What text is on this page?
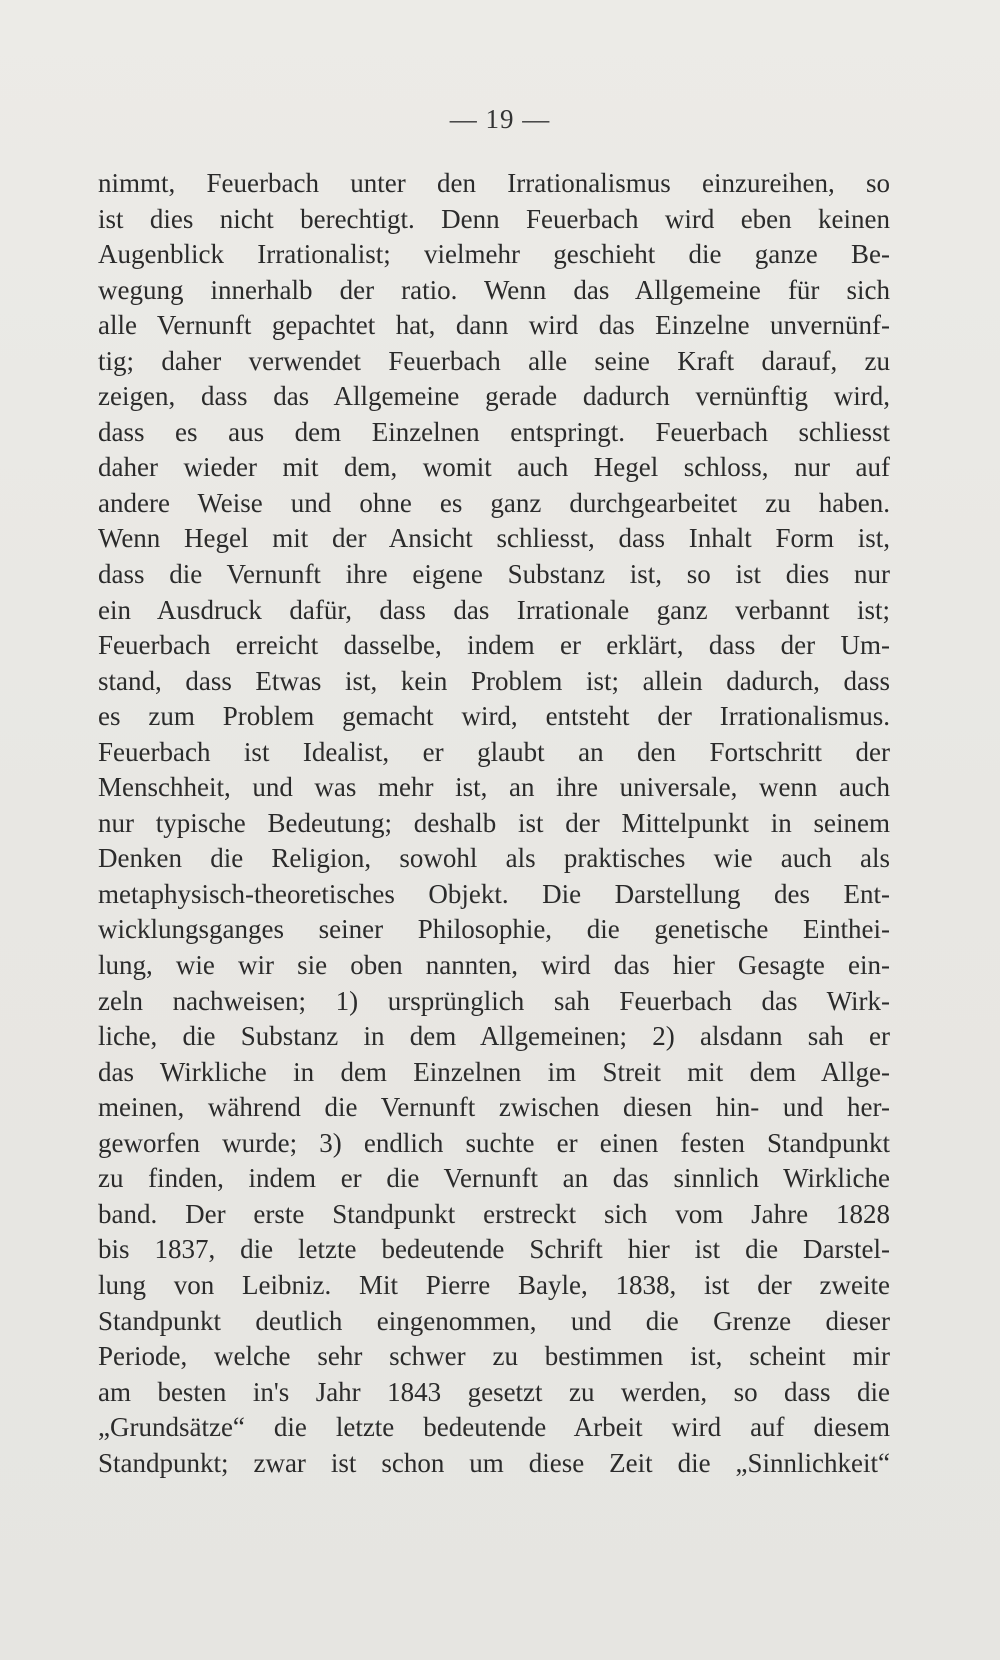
— 19 —
nimmt, Feuerbach unter den Irrationalismus einzureihen, so
ist dies nicht berechtigt. Denn Feuerbach wird eben keinen
Augenblick Irrationalist; vielmehr geschieht die ganze Be-
wegung innerhalb der ratio. Wenn das Allgemeine für sich
alle Vernunft gepachtet hat, dann wird das Einzelne unvernünf-
tig; daher verwendet Feuerbach alle seine Kraft darauf, zu
zeigen, dass das Allgemeine gerade dadurch vernünftig wird,
dass es aus dem Einzelnen entspringt. Feuerbach schliesst
daher wieder mit dem, womit auch Hegel schloss, nur auf
andere Weise und ohne es ganz durchgearbeitet zu haben.
Wenn Hegel mit der Ansicht schliesst, dass Inhalt Form ist,
dass die Vernunft ihre eigene Substanz ist, so ist dies nur
ein Ausdruck dafür, dass das Irrationale ganz verbannt ist;
Feuerbach erreicht dasselbe, indem er erklärt, dass der Um-
stand, dass Etwas ist, kein Problem ist; allein dadurch, dass
es zum Problem gemacht wird, entsteht der Irrationalismus.
Feuerbach ist Idealist, er glaubt an den Fortschritt der
Menschheit, und was mehr ist, an ihre universale, wenn auch
nur typische Bedeutung; deshalb ist der Mittelpunkt in seinem
Denken die Religion, sowohl als praktisches wie auch als
metaphysisch-theoretisches Objekt. Die Darstellung des Ent-
wicklungsganges seiner Philosophie, die genetische Einthei-
lung, wie wir sie oben nannten, wird das hier Gesagte ein-
zeln nachweisen; 1) ursprünglich sah Feuerbach das Wirk-
liche, die Substanz in dem Allgemeinen; 2) alsdann sah er
das Wirkliche in dem Einzelnen im Streit mit dem Allge-
meinen, während die Vernunft zwischen diesen hin- und her-
geworfen wurde; 3) endlich suchte er einen festen Standpunkt
zu finden, indem er die Vernunft an das sinnlich Wirkliche
band. Der erste Standpunkt erstreckt sich vom Jahre 1828
bis 1837, die letzte bedeutende Schrift hier ist die Darstel-
lung von Leibniz. Mit Pierre Bayle, 1838, ist der zweite
Standpunkt deutlich eingenommen, und die Grenze dieser
Periode, welche sehr schwer zu bestimmen ist, scheint mir
am besten in's Jahr 1843 gesetzt zu werden, so dass die
„Grundsätze“ die letzte bedeutende Arbeit wird auf diesem
Standpunkt; zwar ist schon um diese Zeit die „Sinnlichkeit“
